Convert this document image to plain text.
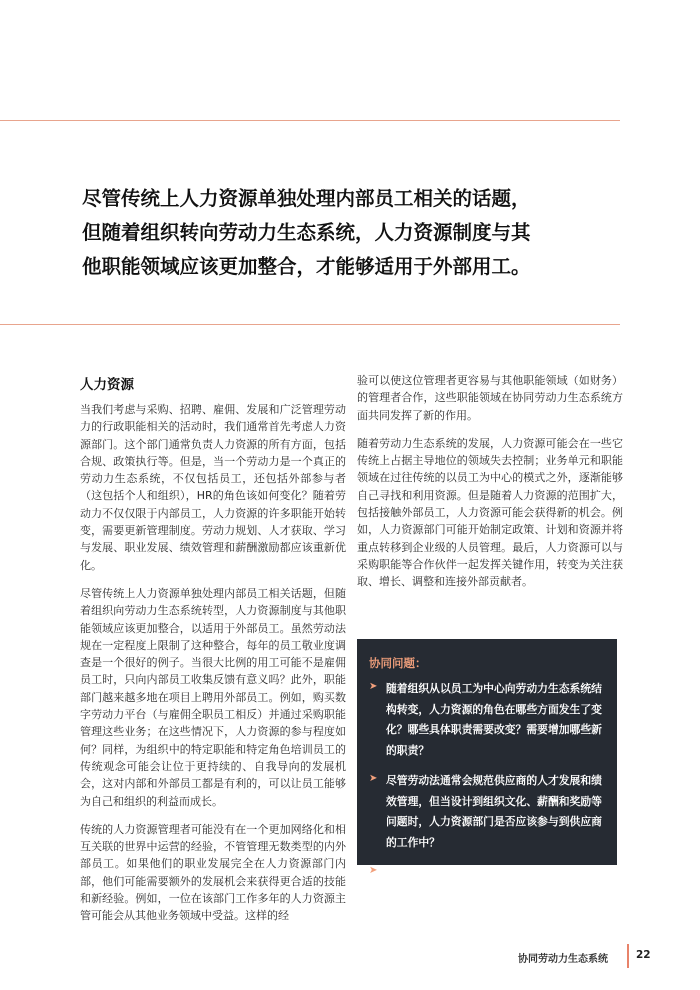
尽管传统上人力资源单独处理内部员工相关的话题，
但随着组织转向劳动力生态系统，人力资源制度与其
他职能领域应该更加整合，才能够适用于外部用工。
人力资源

当我们考虑与采购、招聘、雇佣、发展和广泛管理劳动力的行政职能相关的活动时，我们通常首先考虑人力资源部门。这个部门通常负责人力资源的所有方面，包括合规、政策执行等。但是，当一个劳动力是一个真正的劳动力生态系统，不仅包括员工，还包括外部参与者（这包括个人和组织），HR的角色该如何变化？随着劳动力不仅仅限于内部员工，人力资源的许多职能开始转变，需要更新管理制度。劳动力规划、人才获取、学习与发展、职业发展、绩效管理和薪酬激励都应该重新优化。

尽管传统上人力资源单独处理内部员工相关话题，但随着组织向劳动力生态系统转型，人力资源制度与其他职能领域应该更加整合，以适用于外部员工。虽然劳动法规在一定程度上限制了这种整合，每年的员工敬业度调查是一个很好的例子。当很大比例的用工可能不是雇佣员工时，只向内部员工收集反馈有意义吗？此外，职能部门越来越多地在项目上聘用外部员工。例如，购买数字劳动力平台（与雇佣全职员工相反）并通过采购职能管理这些业务；在这些情况下，人力资源的参与程度如何？同样，为组织中的特定职能和特定角色培训员工的传统观念可能会让位于更持续的、自我导向的发展机会，这对内部和外部员工都是有利的，可以让员工能够为自己和组织的利益而成长。

传统的人力资源管理者可能没有在一个更加网络化和相互关联的世界中运营的经验，不管管理无数类型的内外部员工。如果他们的职业发展完全在人力资源部门内部，他们可能需要额外的发展机会来获得更合适的技能和新经验。例如，一位在该部门工作多年的人力资源主管可能会从其他业务领域中受益。这样的经

验可以使这位管理者更容易与其他职能领域（如财务）的管理者合作，这些职能领域在协同劳动力生态系统方面共同发挥了新的作用。

随着劳动力生态系统的发展，人力资源可能会在一些它传统上占据主导地位的领域失去控制；业务单元和职能领域在过往传统的以员工为中心的模式之外，逐渐能够自己寻找和利用资源。但是随着人力资源的范围扩大，包括接触外部员工，人力资源可能会获得新的机会。例如，人力资源部门可能开始制定政策、计划和资源并将重点转移到企业级的人员管理。最后，人力资源可以与采购职能等合作伙伴一起发挥关键作用，转变为关注获取、增长、调整和连接外部贡献者。

协同问题：
➤ 随着组织从以员工为中心向劳动力生态系统结构转变，人力资源的角色在哪些方面发生了变化？哪些具体职责需要改变？需要增加哪些新的职责？
➤ 尽管劳动法通常会规范供应商的人才发展和绩效管理，但当设计到组织文化、薪酬和奖励等问题时，人力资源部门是否应该参与到供应商的工作中？
➤ 人力资源管理者应该在多大程度上拓展经验，以便更好地为自己在劳动力生态系统协同中扮演关键角色做好准备？
协同劳动力生态系统	22
